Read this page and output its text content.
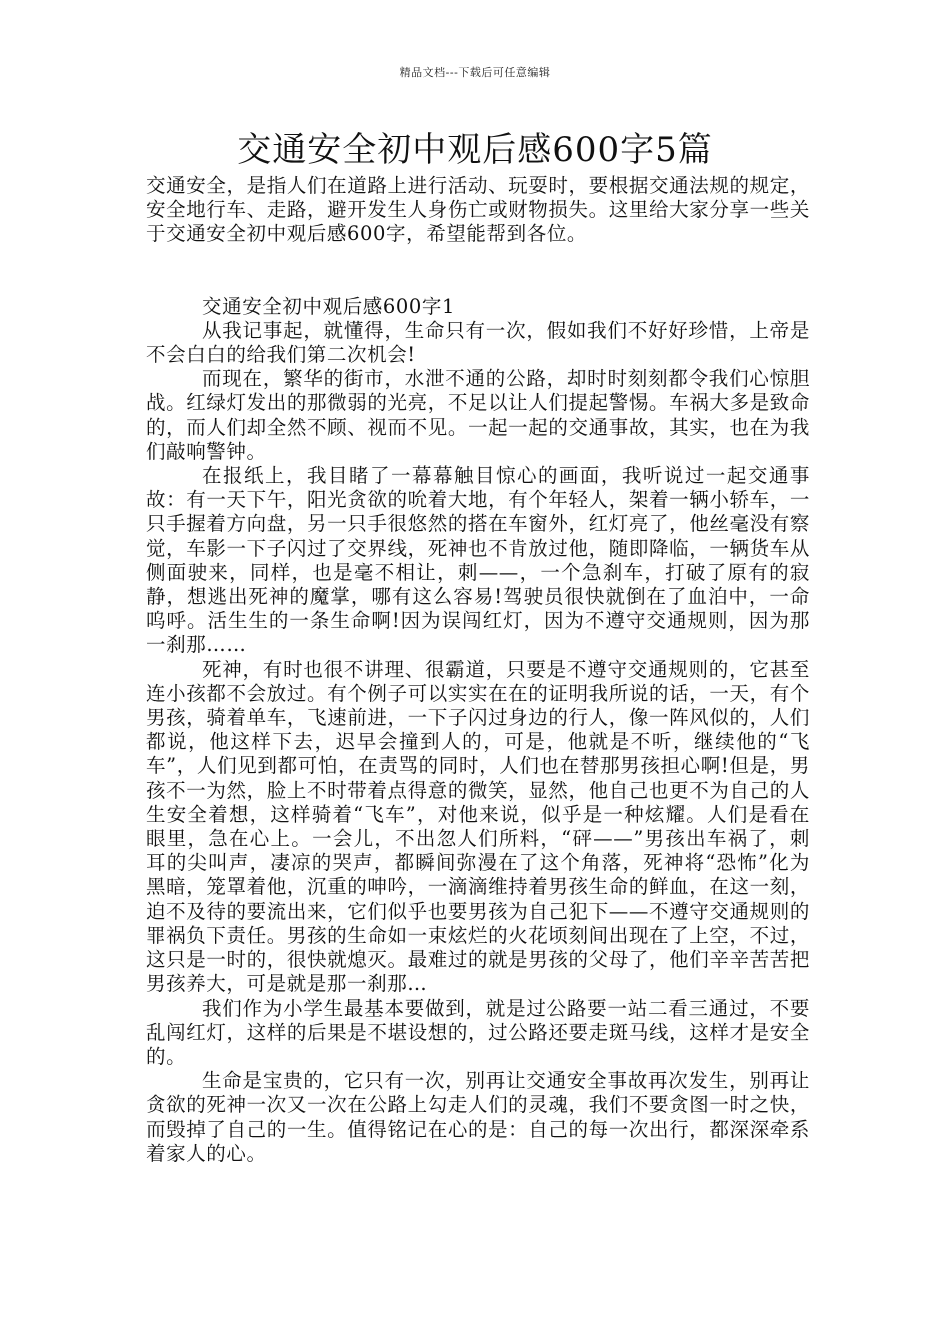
精品文档---下载后可任意编辑
交通安全初中观后感600字5篇

交通安全，是指人们在道路上进行活动、玩耍时，要根据交通法规的规定，安全地行车、走路，避开发生人身伤亡或财物损失。这里给大家分享一些关于交通安全初中观后感600字，希望能帮到各位。

交通安全初中观后感600字1

从我记事起，就懂得，生命只有一次，假如我们不好好珍惜，上帝是不会白白的给我们第二次机会!

而现在，繁华的街市，水泄不通的公路，却时时刻刻都令我们心惊胆战。红绿灯发出的那微弱的光亮，不足以让人们提起警惕。车祸大多是致命的，而人们却全然不顾、视而不见。一起一起的交通事故，其实，也在为我们敲响警钟。

在报纸上，我目睹了一幕幕触目惊心的画面，我听说过一起交通事故：有一天下午，阳光贪欲的吮着大地，有个年轻人，架着一辆小轿车，一只手握着方向盘，另一只手很悠然的搭在车窗外，红灯亮了，他丝毫没有察觉，车影一下子闪过了交界线，死神也不肯放过他，随即降临，一辆货车从侧面驶来，同样，也是毫不相让，刺——，一个急刹车，打破了原有的寂静，想逃出死神的魔掌，哪有这么容易!驾驶员很快就倒在了血泊中，一命呜呼。活生生的一条生命啊!因为误闯红灯，因为不遵守交通规则，因为那一刹那……

死神，有时也很不讲理、很霸道，只要是不遵守交通规则的，它甚至连小孩都不会放过。有个例子可以实实在在的证明我所说的话，一天，有个男孩，骑着单车，飞速前进，一下子闪过身边的行人，像一阵风似的，人们都说，他这样下去，迟早会撞到人的，可是，他就是不听，继续他的“飞车”，人们见到都可怕，在责骂的同时，人们也在替那男孩担心啊!但是，男孩不一为然，脸上不时带着点得意的微笑，显然，他自己也更不为自己的人生安全着想，这样骑着“飞车”，对他来说，似乎是一种炫耀。人们是看在眼里，急在心上。一会儿，不出忽人们所料，“砰——”男孩出车祸了，刺耳的尖叫声，凄凉的哭声，都瞬间弥漫在了这个角落，死神将“恐怖”化为黑暗，笼罩着他，沉重的呻吟，一滴滴维持着男孩生命的鲜血，在这一刻，迫不及待的要流出来，它们似乎也要男孩为自己犯下——不遵守交通规则的罪祸负下责任。男孩的生命如一束炫烂的火花顷刻间出现在了上空，不过，这只是一时的，很快就熄灭。最难过的就是男孩的父母了，他们辛辛苦苦把男孩养大，可是就是那一刹那…

我们作为小学生最基本要做到，就是过公路要一站二看三通过，不要乱闯红灯，这样的后果是不堪设想的，过公路还要走斑马线，这样才是安全的。

生命是宝贵的，它只有一次，别再让交通安全事故再次发生，别再让贪欲的死神一次又一次在公路上勾走人们的灵魂，我们不要贪图一时之快，而毁掉了自己的一生。值得铭记在心的是：自己的每一次出行，都深深牵系着家人的心。
